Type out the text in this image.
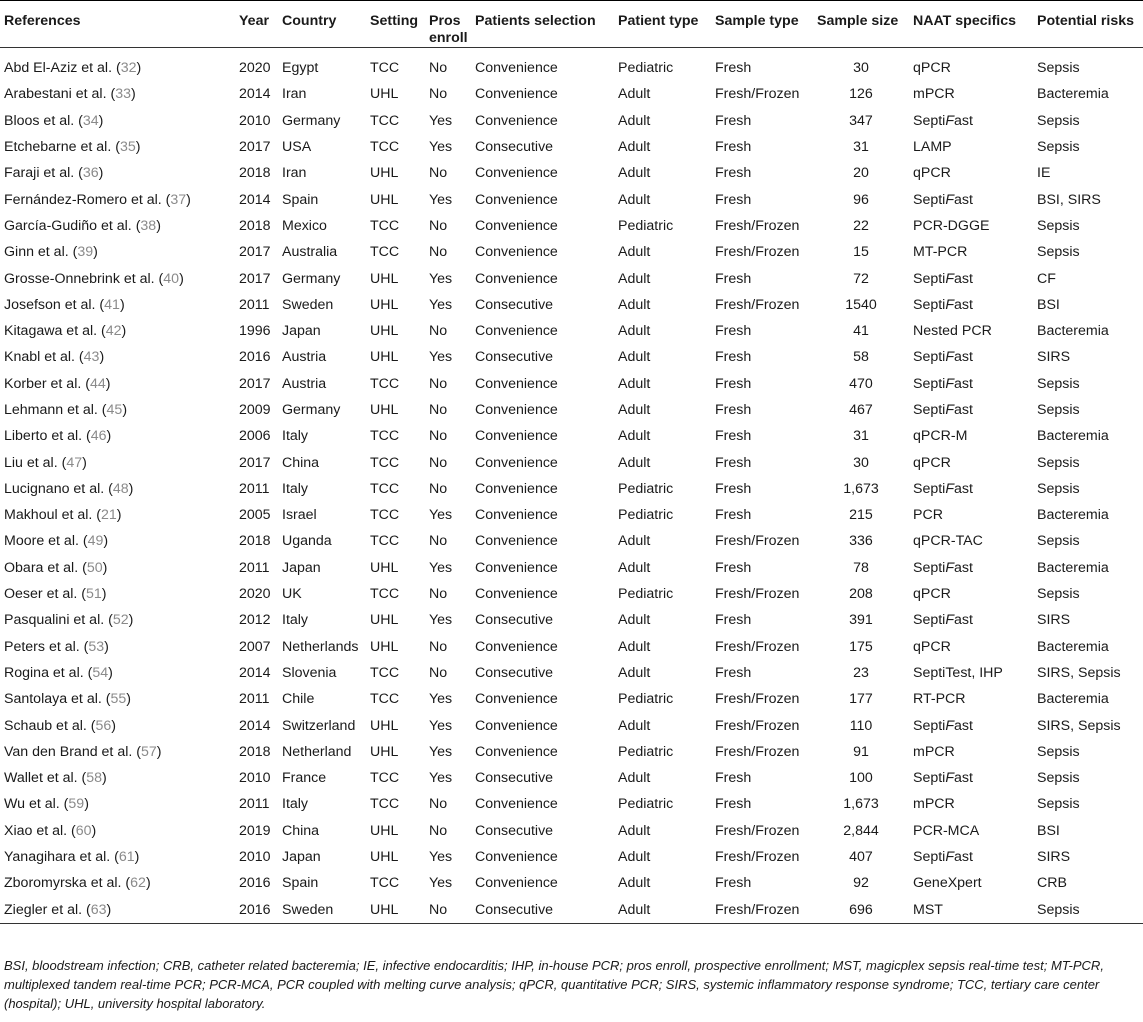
References	Year	Country	Setting	Pros enroll	Patients selection	Patient type	Sample type	Sample size	NAAT specifics	Potential risks

Abd El-Aziz et al. (32)	2020	Egypt	TCC	No	Convenience	Pediatric	Fresh	30	qPCR	Sepsis
Arabestani et al. (33)	2014	Iran	UHL	No	Convenience	Adult	Fresh/Frozen	126	mPCR	Bacteremia
Bloos et al. (34)	2010	Germany	TCC	Yes	Convenience	Adult	Fresh	347	SeptiFast	Sepsis
Etchebarne et al. (35)	2017	USA	TCC	Yes	Consecutive	Adult	Fresh	31	LAMP	Sepsis
Faraji et al. (36)	2018	Iran	UHL	No	Convenience	Adult	Fresh	20	qPCR	IE
Fernández-Romero et al. (37)	2014	Spain	UHL	Yes	Convenience	Adult	Fresh	96	SeptiFast	BSI, SIRS
García-Gudiño et al. (38)	2018	Mexico	TCC	No	Convenience	Pediatric	Fresh/Frozen	22	PCR-DGGE	Sepsis
Ginn et al. (39)	2017	Australia	TCC	No	Convenience	Adult	Fresh/Frozen	15	MT-PCR	Sepsis
Grosse-Onnebrink et al. (40)	2017	Germany	UHL	Yes	Convenience	Adult	Fresh	72	SeptiFast	CF
Josefson et al. (41)	2011	Sweden	UHL	Yes	Consecutive	Adult	Fresh/Frozen	1540	SeptiFast	BSI
Kitagawa et al. (42)	1996	Japan	UHL	No	Convenience	Adult	Fresh	41	Nested PCR	Bacteremia
Knabl et al. (43)	2016	Austria	UHL	Yes	Consecutive	Adult	Fresh	58	SeptiFast	SIRS
Korber et al. (44)	2017	Austria	TCC	No	Convenience	Adult	Fresh	470	SeptiFast	Sepsis
Lehmann et al. (45)	2009	Germany	UHL	No	Convenience	Adult	Fresh	467	SeptiFast	Sepsis
Liberto et al. (46)	2006	Italy	TCC	No	Convenience	Adult	Fresh	31	qPCR-M	Bacteremia
Liu et al. (47)	2017	China	TCC	No	Convenience	Adult	Fresh	30	qPCR	Sepsis
Lucignano et al. (48)	2011	Italy	TCC	No	Convenience	Pediatric	Fresh	1,673	SeptiFast	Sepsis
Makhoul et al. (21)	2005	Israel	TCC	Yes	Convenience	Pediatric	Fresh	215	PCR	Bacteremia
Moore et al. (49)	2018	Uganda	TCC	No	Convenience	Adult	Fresh/Frozen	336	qPCR-TAC	Sepsis
Obara et al. (50)	2011	Japan	UHL	Yes	Convenience	Adult	Fresh	78	SeptiFast	Bacteremia
Oeser et al. (51)	2020	UK	TCC	No	Convenience	Pediatric	Fresh/Frozen	208	qPCR	Sepsis
Pasqualini et al. (52)	2012	Italy	UHL	Yes	Consecutive	Adult	Fresh	391	SeptiFast	SIRS
Peters et al. (53)	2007	Netherlands	UHL	No	Convenience	Adult	Fresh/Frozen	175	qPCR	Bacteremia
Rogina et al. (54)	2014	Slovenia	TCC	No	Consecutive	Adult	Fresh	23	SeptiTest, IHP	SIRS, Sepsis
Santolaya et al. (55)	2011	Chile	TCC	Yes	Convenience	Pediatric	Fresh/Frozen	177	RT-PCR	Bacteremia
Schaub et al. (56)	2014	Switzerland	UHL	Yes	Convenience	Adult	Fresh/Frozen	110	SeptiFast	SIRS, Sepsis
Van den Brand et al. (57)	2018	Netherland	UHL	Yes	Convenience	Pediatric	Fresh/Frozen	91	mPCR	Sepsis
Wallet et al. (58)	2010	France	TCC	Yes	Consecutive	Adult	Fresh	100	SeptiFast	Sepsis
Wu et al. (59)	2011	Italy	TCC	No	Convenience	Pediatric	Fresh	1,673	mPCR	Sepsis
Xiao et al. (60)	2019	China	UHL	No	Consecutive	Adult	Fresh/Frozen	2,844	PCR-MCA	BSI
Yanagihara et al. (61)	2010	Japan	UHL	Yes	Convenience	Adult	Fresh/Frozen	407	SeptiFast	SIRS
Zboromyrska et al. (62)	2016	Spain	TCC	Yes	Convenience	Adult	Fresh	92	GeneXpert	CRB
Ziegler et al. (63)	2016	Sweden	UHL	No	Consecutive	Adult	Fresh/Frozen	696	MST	Sepsis
BSI, bloodstream infection; CRB, catheter related bacteremia; IE, infective endocarditis; IHP, in-house PCR; pros enroll, prospective enrollment; MST, magicplex sepsis real-time test; MT-PCR, multiplexed tandem real-time PCR; PCR-MCA, PCR coupled with melting curve analysis; qPCR, quantitative PCR; SIRS, systemic inflammatory response syndrome; TCC, tertiary care center (hospital); UHL, university hospital laboratory.
